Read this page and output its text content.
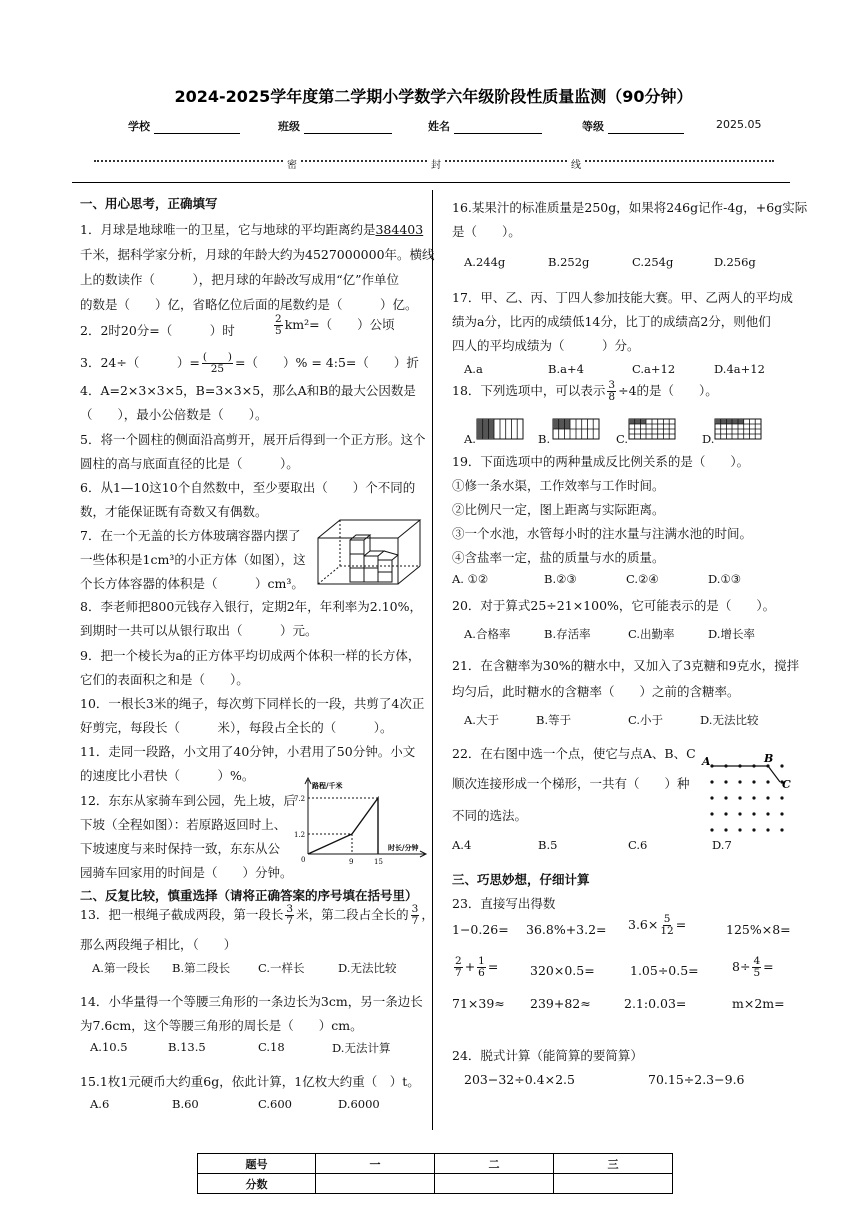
2024-2025学年度第二学期小学数学六年级阶段性质量监测（90分钟）
学校	班级	姓名	等级	2025.05
密	封	线
一、用心思考，正确填写
1．月球是地球唯一的卫星，它与地球的平均距离约是384403
千米，据科学家分析，月球的年龄大约为4527000000年。横线
上的数读作（　　　），把月球的年龄改写成用“亿”作单位
的数是（　　）亿，省略亿位后面的尾数约是（　　　）亿。
2．2时20分=（　　　）时	$\frac{2}{5} km^2=$（　　）公顷
3．24÷（　　　）= $\frac{( )}{25}$ =（　　）% = 4:5=（　　）折
4．A=2×3×3×5，B=3×3×5，那么A和B的最大公因数是
（　　），最小公倍数是（　　）。
5．将一个圆柱的侧面沿高剪开，展开后得到一个正方形。这个
圆柱的高与底面直径的比是（　　　）。
6．从1—10这10个自然数中，至少要取出（　　）个不同的
数，才能保证既有奇数又有偶数。
7．在一个无盖的长方体玻璃容器内摆了
一些体积是1cm³的小正方体（如图），这
个长方体容器的体积是（　　　）cm³。
8．李老师把800元钱存入银行，定期2年，年利率为2.10%，
到期时一共可以从银行取出（　　　）元。
9．把一个棱长为a的正方体平均切成两个体积一样的长方体，
它们的表面积之和是（　　）。
10．一根长3米的绳子，每次剪下同样长的一段，共剪了4次正
好剪完，每段长（　　　米），每段占全长的（　　　）。
11．走同一段路，小文用了40分钟，小君用了50分钟。小文
的速度比小君快（　　　）%。
12．东东从家骑车到公园，先上坡，后
下坡（全程如图）：若原路返回时上、
下坡速度与来时保持一致，东东从公
园骑车回家用的时间是（　　）分钟。
路程/千米
时长/分钟
7.2
1.2
9	15
0
二、反复比较，慎重选择（请将正确答案的序号填在括号里）
13．把一根绳子截成两段，第一段长 $\frac{3}{7}$ 米，第二段占全长的 $\frac{3}{7}$ ，
那么两段绳子相比，（　　）
A.第一段长 B.第二段长 C.一样长	D.无法比较
14．小华量得一个等腰三角形的一条边长为3cm，另一条边长
为7.6cm，这个等腰三角形的周长是（　　）cm。
A.10.5	B.13.5	C.18	D.无法计算
15.1枚1元硬币大约重6g，依此计算，1亿枚大约重（　）t。
A.6	B.60	C.600	D.6000
16.某果汁的标准质量是250g，如果将246g记作-4g，+6g实际
是（　　）。
A.244g	B.252g	C.254g	D.256g
17．甲、乙、丙、丁四人参加技能大赛。甲、乙两人的平均成
绩为a分，比丙的成绩低14分，比丁的成绩高2分，则他们
四人的平均成绩为（　　　）分。
A.a	B.a+4	C.a+12	D.4a+12
18．下列选项中，可以表示 $\frac{3}{8} \div 4$的是（　　）。
A.	B.	C.	D.
19．下面选项中的两种量成反比例关系的是（　　）。
①修一条水渠，工作效率与工作时间。
②比例尺一定，图上距离与实际距离。
③一个水池，水管每小时的注水量与注满水池的时间。
④含盐率一定，盐的质量与水的质量。
A. ①②	B.②③	C.②④	D.①③
20．对于算式25÷21×100%，它可能表示的是（　　）。
A.合格率	B.存活率	C.出勤率	D.增长率
21．在含糖率为30%的糖水中，又加入了3克糖和9克水，搅拌
均匀后，此时糖水的含糖率（　　）之前的含糖率。
A.大于	B.等于	C.小于	D.无法比较
22．在右图中选一个点，使它与点A、B、C
顺次连接形成一个梯形，一共有（　　）种
不同的选法。
A	B
C
A.4	B.5	C.6	D.7
三、巧思妙想，仔细计算
23．直接写出得数
$1-0.26= 36.8\%+3.2= 3.6\times \frac{5}{12}$ =	125%×8=
$\frac{2}{7} + \frac{1}{6}$ =	320×0.5=	1.05÷0.5=	$8\div \frac{4}{5}$ =
71×39≈ 239+82≈	2.1:0.03=	m×2m=
24．脱式计算（能简算的要简算）
203−32÷0.4×2.5	70.15÷2.3−9.6
题号	一	二	三
分数			
